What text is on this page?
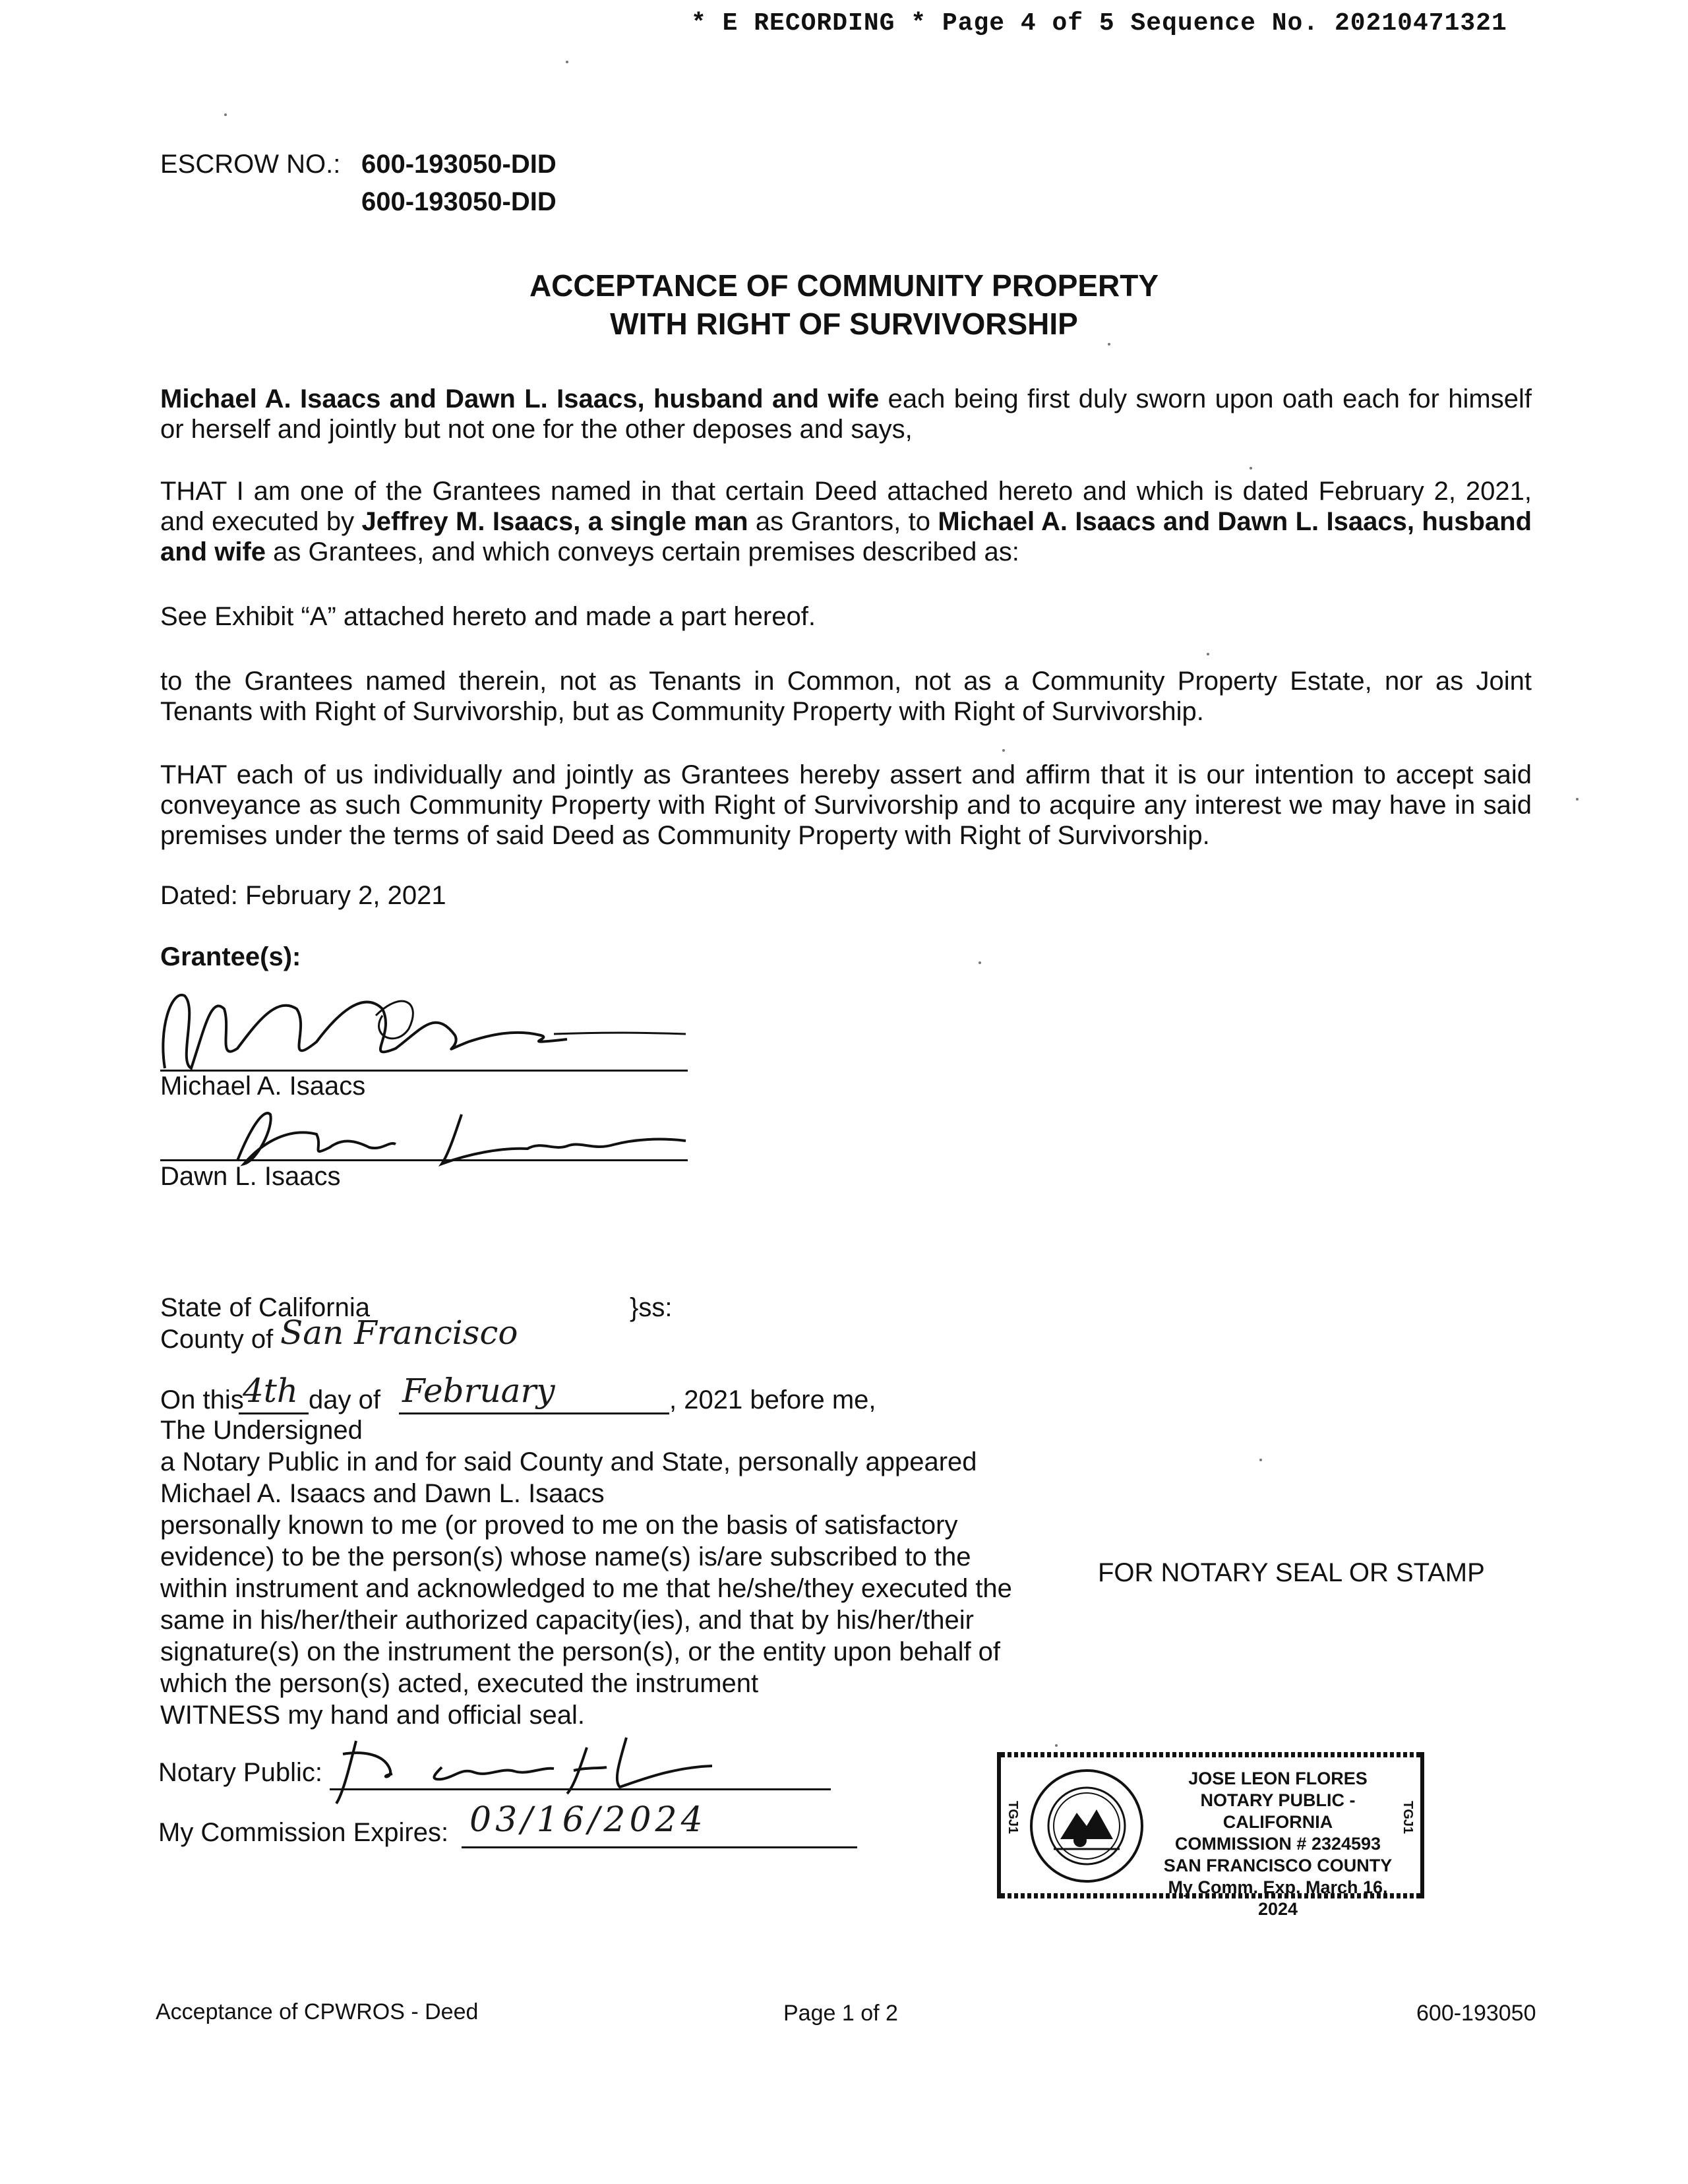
* E RECORDING * Page 4 of 5 Sequence No. 20210471321
ESCROW NO.: 600-193050-DID
600-193050-DID
ACCEPTANCE OF COMMUNITY PROPERTY
WITH RIGHT OF SURVIVORSHIP
Michael A. Isaacs and Dawn L. Isaacs, husband and wife each being first duly sworn upon oath each for himself or herself and jointly but not one for the other deposes and says,
THAT I am one of the Grantees named in that certain Deed attached hereto and which is dated February 2, 2021, and executed by Jeffrey M. Isaacs, a single man as Grantors, to Michael A. Isaacs and Dawn L. Isaacs, husband and wife as Grantees, and which conveys certain premises described as:
See Exhibit “A” attached hereto and made a part hereof.
to the Grantees named therein, not as Tenants in Common, not as a Community Property Estate, nor as Joint Tenants with Right of Survivorship, but as Community Property with Right of Survivorship.
THAT each of us individually and jointly as Grantees hereby assert and affirm that it is our intention to accept said conveyance as such Community Property with Right of Survivorship and to acquire any interest we may have in said premises under the terms of said Deed as Community Property with Right of Survivorship.
Dated: February 2, 2021
Grantee(s):
Michael A. Isaacs
Dawn L. Isaacs
State of California	}ss:
County of San Francisco
On this
4th day of February	, 2021 before me,
The Undersigned
a Notary Public in and for said County and State, personally appeared
Michael A. Isaacs and Dawn L. Isaacs
personally known to me (or proved to me on the basis of satisfactory
evidence) to be the person(s) whose name(s) is/are subscribed to the
within instrument and acknowledged to me that he/she/they executed the
same in his/her/their authorized capacity(ies), and that by his/her/their
signature(s) on the instrument the person(s), or the entity upon behalf of
which the person(s) acted, executed the instrument
WITNESS my hand and official seal.
FOR NOTARY SEAL OR STAMP
Notary Public:
My Commission Expires: 03/16/2024	TGJ1	TGJ1
JOSE LEON FLORES
NOTARY PUBLIC - CALIFORNIA
COMMISSION # 2324593
SAN FRANCISCO COUNTY
My Comm. Exp. March 16, 2024
Acceptance of CPWROS - Deed	Page 1 of 2	600-193050
